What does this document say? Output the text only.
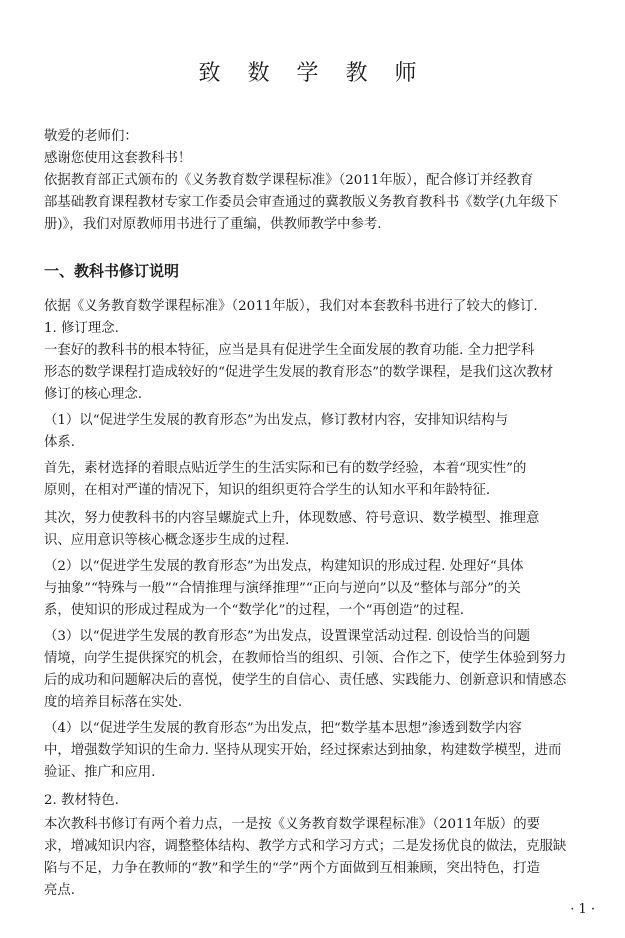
致 数 学 教 师
敬爱的老师们：
感谢您使用这套教科书！
依据教育部正式颁布的《义务教育数学课程标准》（2011年版），配合修订并经教育
部基础教育课程教材专家工作委员会审查通过的冀教版义务教育教科书《数学(九年级下
册)》，我们对原教师用书进行了重编，供教师教学中参考.
一、教科书修订说明
依据《义务教育数学课程标准》（2011年版），我们对本套教科书进行了较大的修订.
1. 修订理念.
一套好的教科书的根本特征，应当是具有促进学生全面发展的教育功能. 全力把学科
形态的数学课程打造成较好的“促进学生发展的教育形态”的数学课程，是我们这次教材
修订的核心理念.
（1）以“促进学生发展的教育形态”为出发点，修订教材内容，安排知识结构与
体系.
首先，素材选择的着眼点贴近学生的生活实际和已有的数学经验，本着“现实性”的
原则，在相对严谨的情况下，知识的组织更符合学生的认知水平和年龄特征.
其次，努力使教科书的内容呈螺旋式上升，体现数感、符号意识、数学模型、推理意
识、应用意识等核心概念逐步生成的过程.
（2）以“促进学生发展的教育形态”为出发点，构建知识的形成过程. 处理好“具体
与抽象”“特殊与一般”“合情推理与演绎推理”“正向与逆向”以及“整体与部分”的关
系，使知识的形成过程成为一个“数学化”的过程，一个“再创造”的过程.
（3）以“促进学生发展的教育形态”为出发点，设置课堂活动过程. 创设恰当的问题
情境，向学生提供探究的机会，在教师恰当的组织、引领、合作之下，使学生体验到努力
后的成功和问题解决后的喜悦，使学生的自信心、责任感、实践能力、创新意识和情感态
度的培养目标落在实处.
（4）以“促进学生发展的教育形态”为出发点，把“数学基本思想”渗透到数学内容
中，增强数学知识的生命力. 坚持从现实开始，经过探索达到抽象，构建数学模型，进而
验证、推广和应用.
2. 教材特色.
本次教科书修订有两个着力点，一是按《义务教育数学课程标准》（2011年版）的要
求，增减知识内容，调整整体结构、教学方式和学习方式；二是发扬优良的做法，克服缺
陷与不足，力争在教师的“教”和学生的“学”两个方面做到互相兼顾，突出特色，打造
亮点.
· 1 ·
